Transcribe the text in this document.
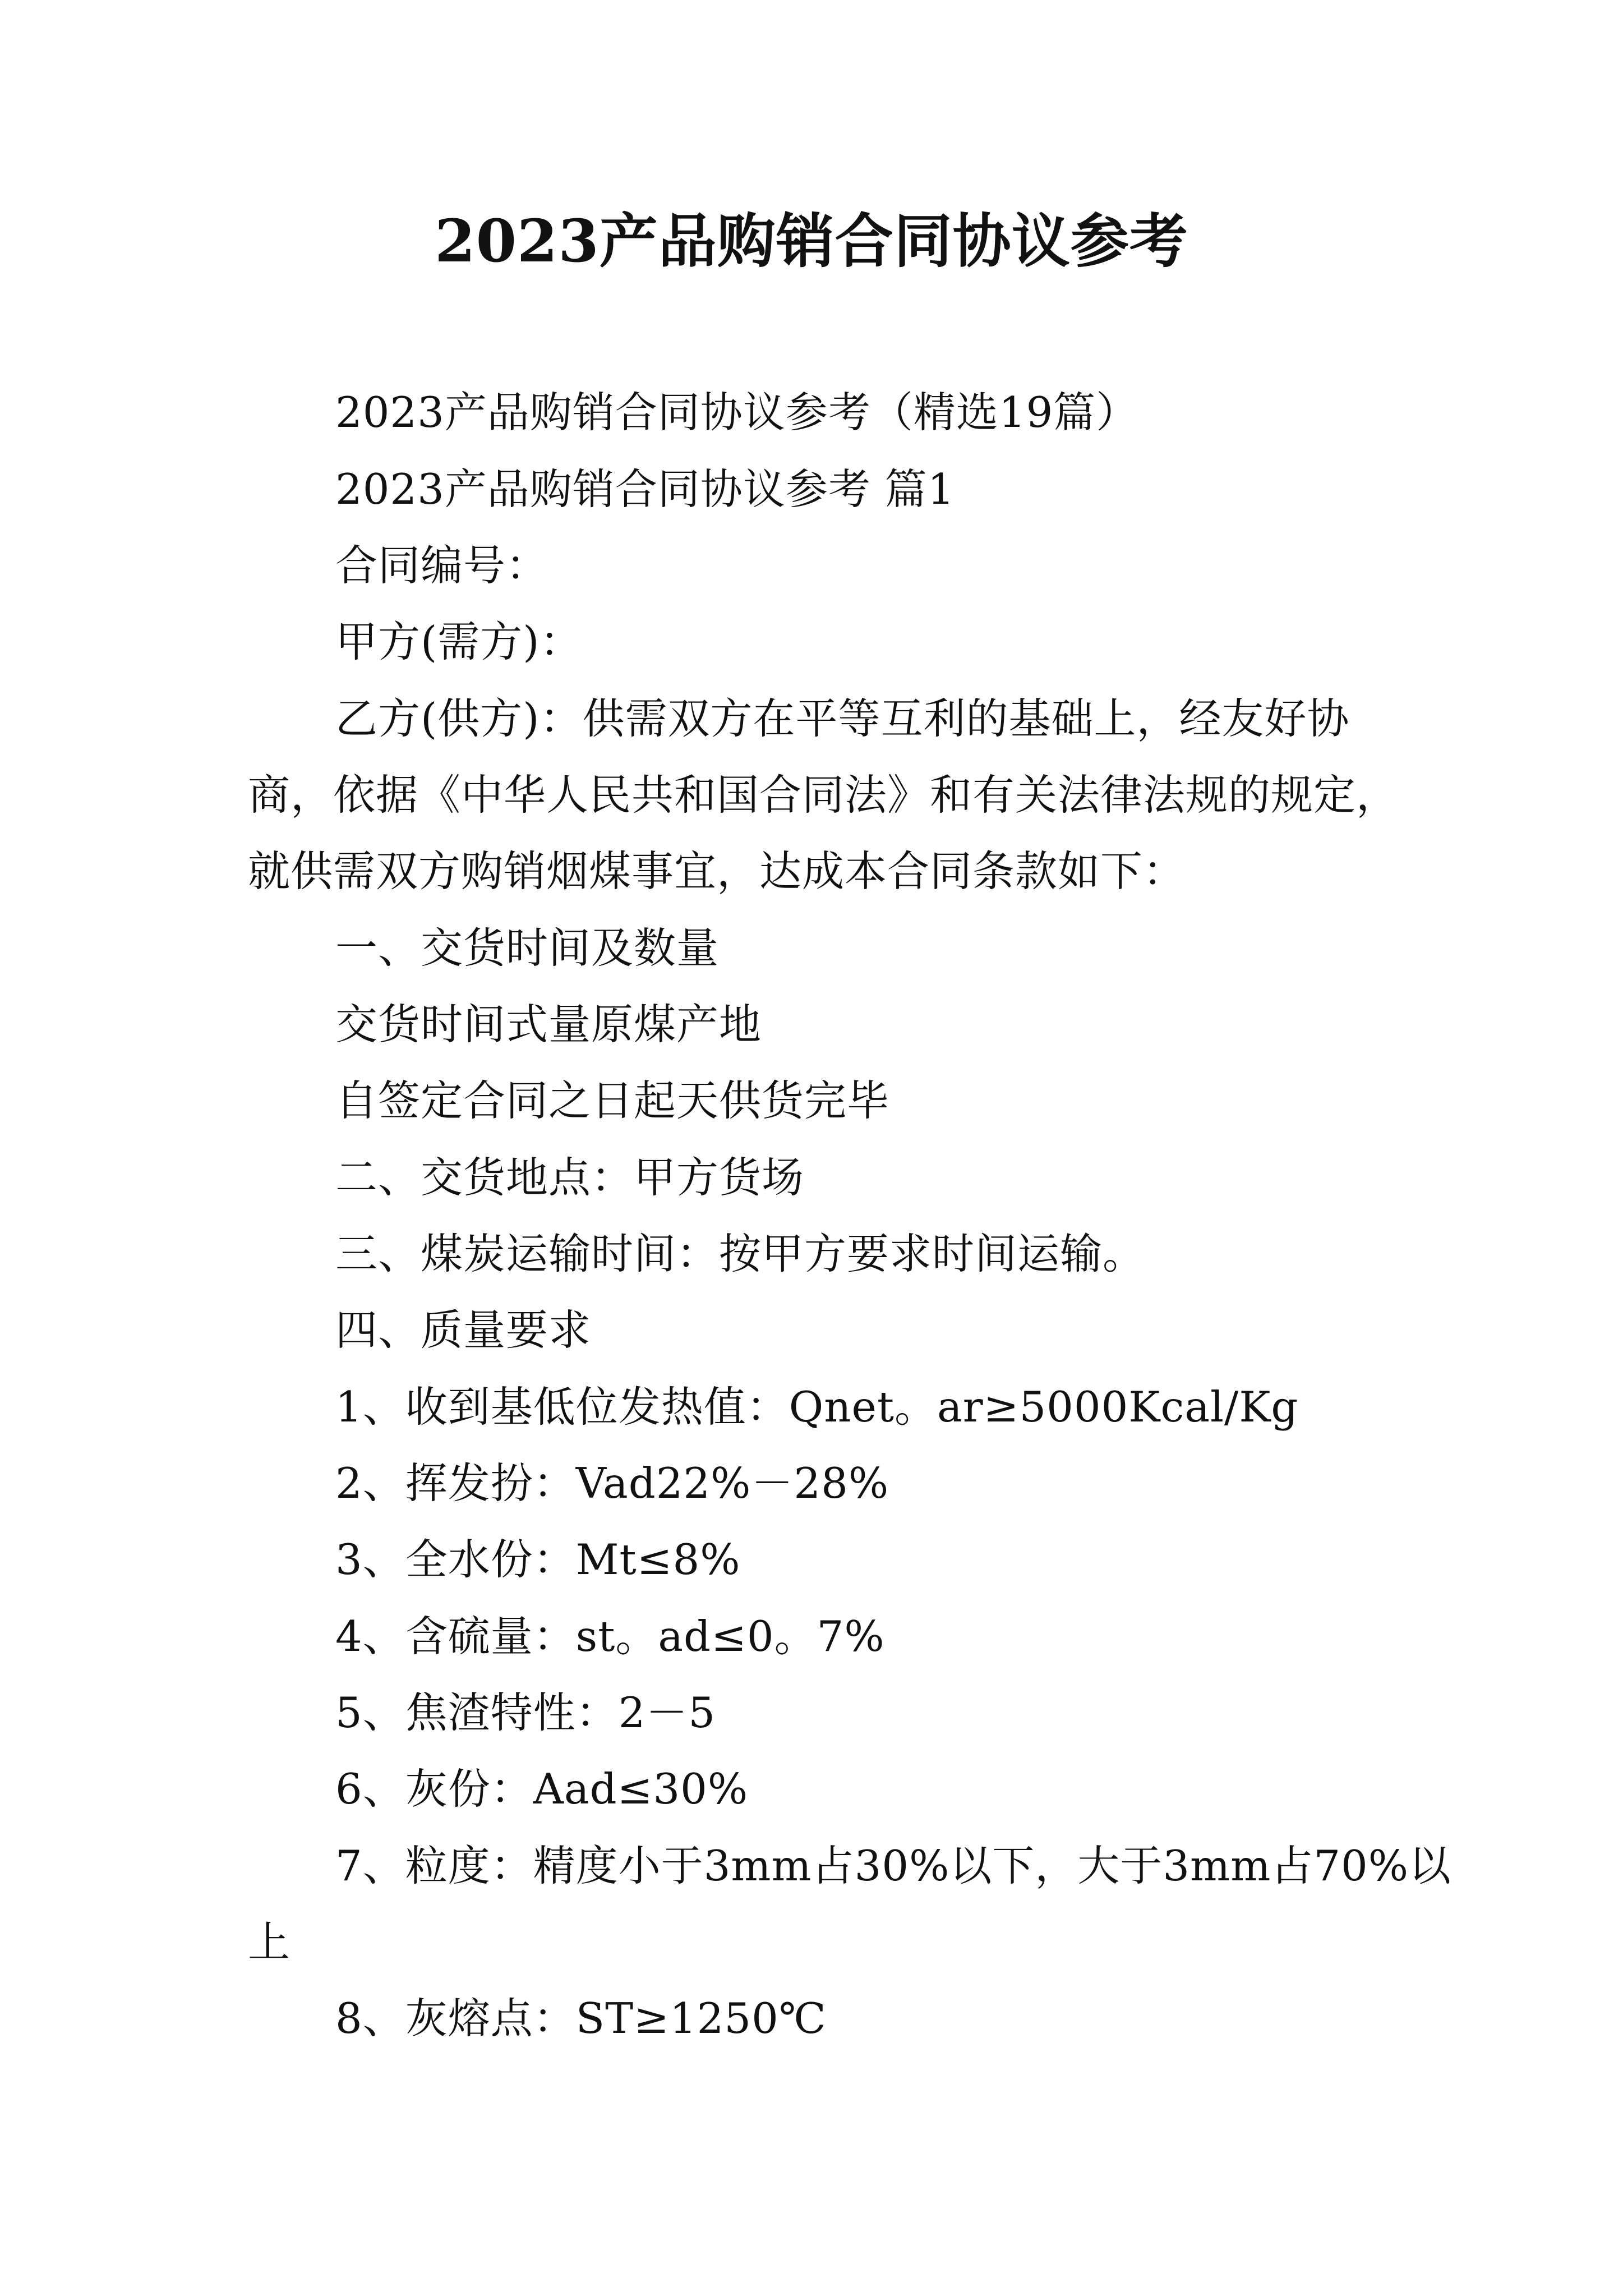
2023产品购销合同协议参考
2023产品购销合同协议参考（精选19篇）
2023产品购销合同协议参考 篇1
合同编号：
甲方(需方)：
乙方(供方)：供需双方在平等互利的基础上，经友好协
商，依据《中华人民共和国合同法》和有关法律法规的规定，
就供需双方购销烟煤事宜，达成本合同条款如下：
一、交货时间及数量
交货时间式量原煤产地
自签定合同之日起天供货完毕
二、交货地点：甲方货场
三、煤炭运输时间：按甲方要求时间运输。
四、质量要求
1、收到基低位发热值：Qnet。ar≥5000Kcal/Kg
2、挥发扮：Vad22%－28%
3、全水份：Mt≤8%
4、含硫量：st。ad≤0。7%
5、焦渣特性：2－5
6、灰份：Aad≤30%
7、粒度：精度小于3mm占30%以下，大于3mm占70%以
上
8、灰熔点：ST≥1250℃
